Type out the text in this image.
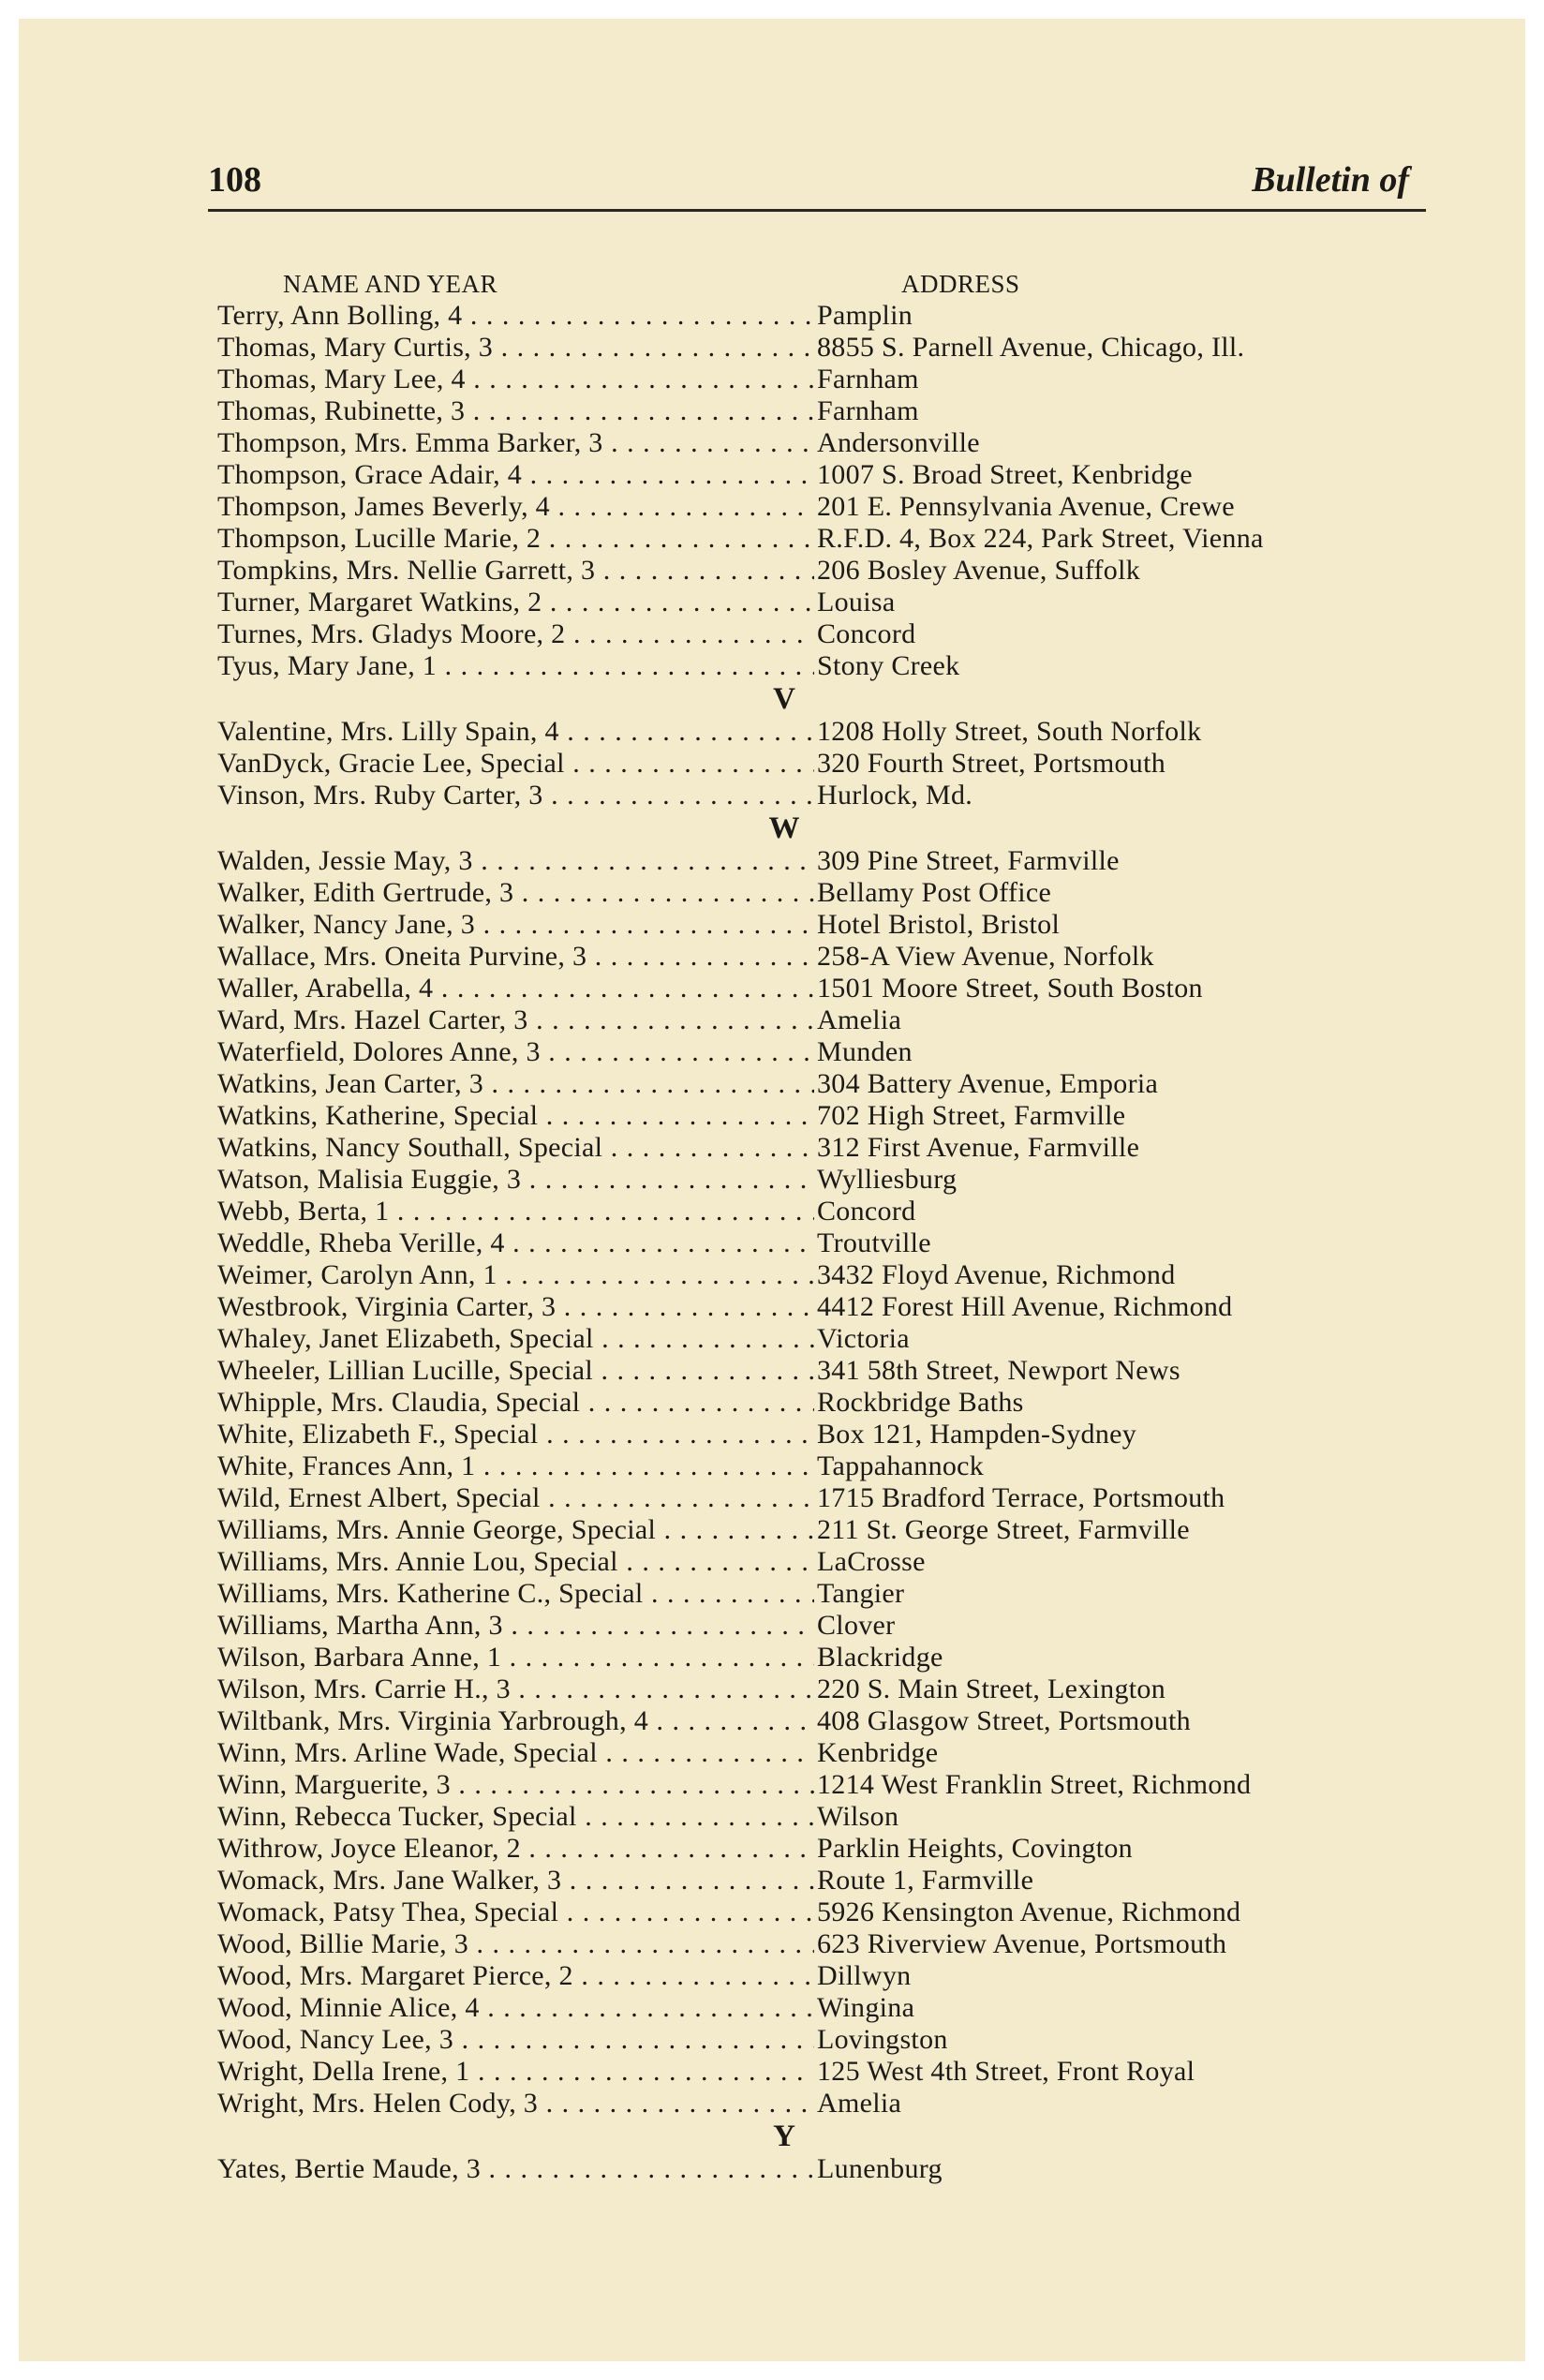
108	Bulletin of
NAME AND YEAR	ADDRESS
Terry, Ann Bolling, 4 . . .	Pamplin
Thomas, Mary Curtis, 3 . . .	8855 S. Parnell Avenue, Chicago, Ill.
Thomas, Mary Lee, 4 . . .	Farnham
Thomas, Rubinette, 3 . . .	Farnham
Thompson, Mrs. Emma Barker, 3 . . .	Andersonville
Thompson, Grace Adair, 4 . . .	1007 S. Broad Street, Kenbridge
Thompson, James Beverly, 4 . . .	201 E. Pennsylvania Avenue, Crewe
Thompson, Lucille Marie, 2 . . .	R.F.D. 4, Box 224, Park Street, Vienna
Tompkins, Mrs. Nellie Garrett, 3 . . .	206 Bosley Avenue, Suffolk
Turner, Margaret Watkins, 2 . . .	Louisa
Turnes, Mrs. Gladys Moore, 2 . . .	Concord
Tyus, Mary Jane, 1 . . .	Stony Creek
V
Valentine, Mrs. Lilly Spain, 4 . . .	1208 Holly Street, South Norfolk
VanDyck, Gracie Lee, Special . . .	320 Fourth Street, Portsmouth
Vinson, Mrs. Ruby Carter, 3 . . .	Hurlock, Md.
W
Walden, Jessie May, 3 . . .	309 Pine Street, Farmville
Walker, Edith Gertrude, 3 . . .	Bellamy Post Office
Walker, Nancy Jane, 3 . . .	Hotel Bristol, Bristol
Wallace, Mrs. Oneita Purvine, 3 . . .	258-A View Avenue, Norfolk
Waller, Arabella, 4 . . .	1501 Moore Street, South Boston
Ward, Mrs. Hazel Carter, 3 . . .	Amelia
Waterfield, Dolores Anne, 3 . . .	Munden
Watkins, Jean Carter, 3 . . .	304 Battery Avenue, Emporia
Watkins, Katherine, Special . . .	702 High Street, Farmville
Watkins, Nancy Southall, Special . . .	312 First Avenue, Farmville
Watson, Malisia Euggie, 3 . . .	Wylliesburg
Webb, Berta, 1 . . .	Concord
Weddle, Rheba Verille, 4 . . .	Troutville
Weimer, Carolyn Ann, 1 . . .	3432 Floyd Avenue, Richmond
Westbrook, Virginia Carter, 3 . . .	4412 Forest Hill Avenue, Richmond
Whaley, Janet Elizabeth, Special . . .	Victoria
Wheeler, Lillian Lucille, Special . . .	341 58th Street, Newport News
Whipple, Mrs. Claudia, Special . . .	Rockbridge Baths
White, Elizabeth F., Special . . .	Box 121, Hampden-Sydney
White, Frances Ann, 1 . . .	Tappahannock
Wild, Ernest Albert, Special . . .	1715 Bradford Terrace, Portsmouth
Williams, Mrs. Annie George, Special . . .	211 St. George Street, Farmville
Williams, Mrs. Annie Lou, Special . . .	LaCrosse
Williams, Mrs. Katherine C., Special . . .	Tangier
Williams, Martha Ann, 3 . . .	Clover
Wilson, Barbara Anne, 1 . . .	Blackridge
Wilson, Mrs. Carrie H., 3 . . .	220 S. Main Street, Lexington
Wiltbank, Mrs. Virginia Yarbrough, 4 . . .	408 Glasgow Street, Portsmouth
Winn, Mrs. Arline Wade, Special . . .	Kenbridge
Winn, Marguerite, 3 . . .	1214 West Franklin Street, Richmond
Winn, Rebecca Tucker, Special . . .	Wilson
Withrow, Joyce Eleanor, 2 . . .	Parklin Heights, Covington
Womack, Mrs. Jane Walker, 3 . . .	Route 1, Farmville
Womack, Patsy Thea, Special . . .	5926 Kensington Avenue, Richmond
Wood, Billie Marie, 3 . . .	623 Riverview Avenue, Portsmouth
Wood, Mrs. Margaret Pierce, 2 . . .	Dillwyn
Wood, Minnie Alice, 4 . . .	Wingina
Wood, Nancy Lee, 3 . . .	Lovingston
Wright, Della Irene, 1 . . .	125 West 4th Street, Front Royal
Wright, Mrs. Helen Cody, 3 . . .	Amelia
Y
Yates, Bertie Maude, 3 . . .	Lunenburg
